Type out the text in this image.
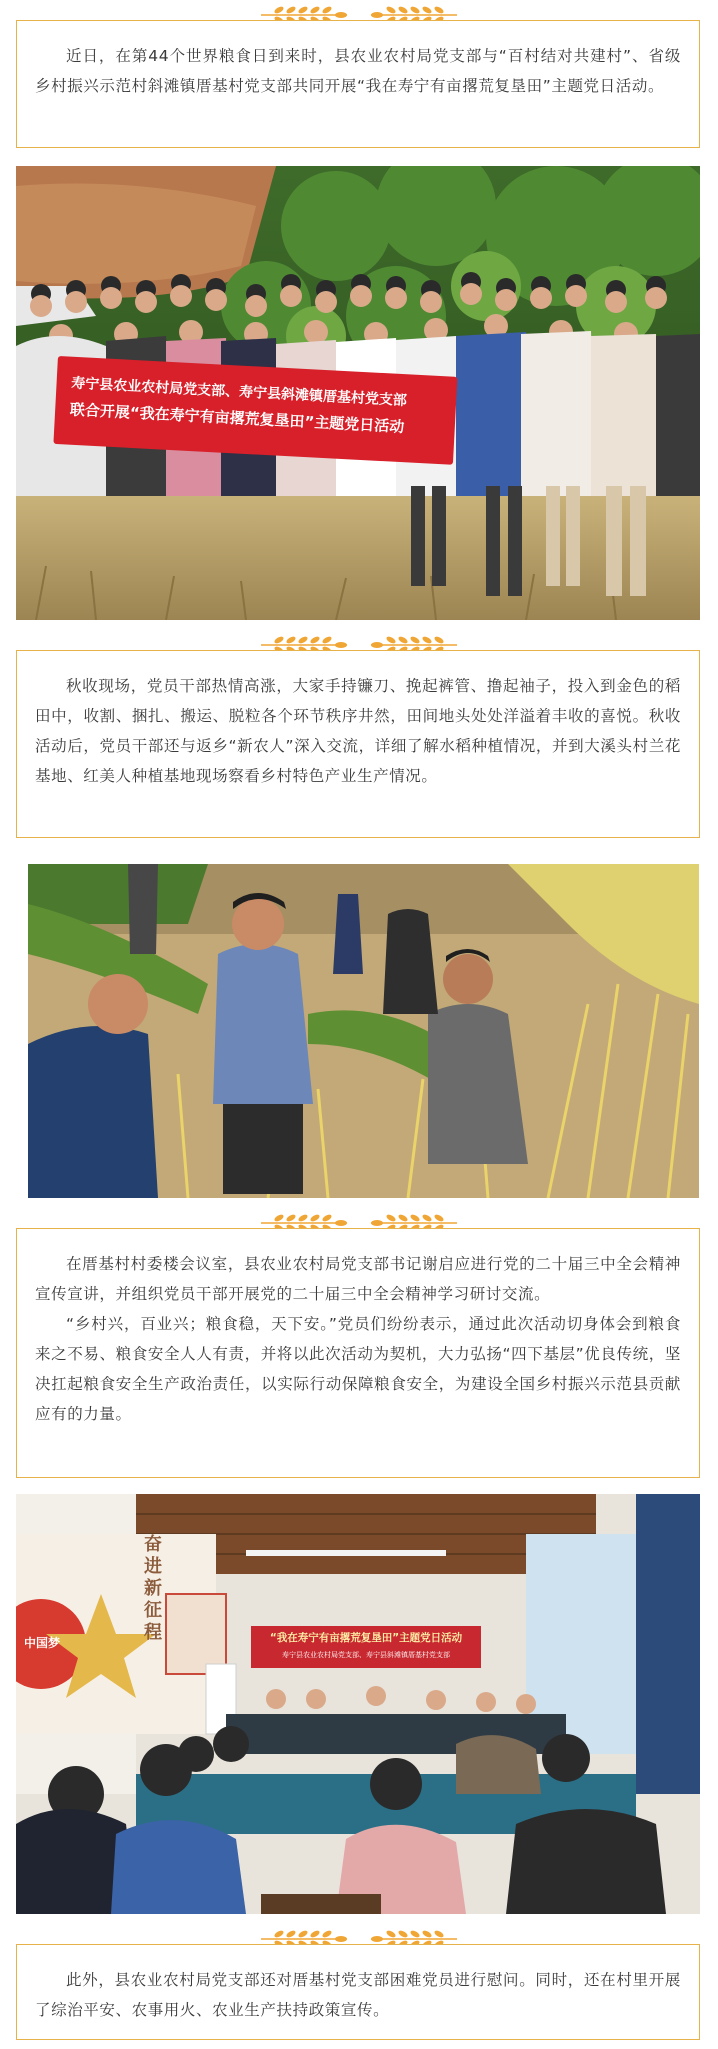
近日，在第44个世界粮食日到来时，县农业农村局党支部与“百村结对共建村”、省级乡村振兴示范村斜滩镇厝基村党支部共同开展“我在寿宁有亩撂荒复垦田”主题党日活动。

寿宁县农业农村局党支部、寿宁县斜滩镇厝基村党支部
联合开展“我在寿宁有亩撂荒复垦田”主题党日活动

秋收现场，党员干部热情高涨，大家手持镰刀、挽起裤管、撸起袖子，投入到金色的稻田中，收割、捆扎、搬运、脱粒各个环节秩序井然，田间地头处处洋溢着丰收的喜悦。秋收活动后，党员干部还与返乡“新农人”深入交流，详细了解水稻种植情况，并到大溪头村兰花基地、红美人种植基地现场察看乡村特色产业生产情况。

在厝基村村委楼会议室，县农业农村局党支部书记谢启应进行党的二十届三中全会精神宣传宣讲，并组织党员干部开展党的二十届三中全会精神学习研讨交流。

“乡村兴，百业兴；粮食稳，天下安。”党员们纷纷表示，通过此次活动切身体会到粮食来之不易、粮食安全人人有责，并将以此次活动为契机，大力弘扬“四下基层”优良传统，坚决扛起粮食安全生产政治责任，以实际行动保障粮食安全，为建设全国乡村振兴示范县贡献应有的力量。

奋进新征程
中国梦	“我在寿宁有亩撂荒复垦田”主题党日活动
寿宁县农业农村局党支部、寿宁县斜滩镇厝基村党支部

此外，县农业农村局党支部还对厝基村党支部困难党员进行慰问。同时，还在村里开展了综治平安、农事用火、农业生产扶持政策宣传。
